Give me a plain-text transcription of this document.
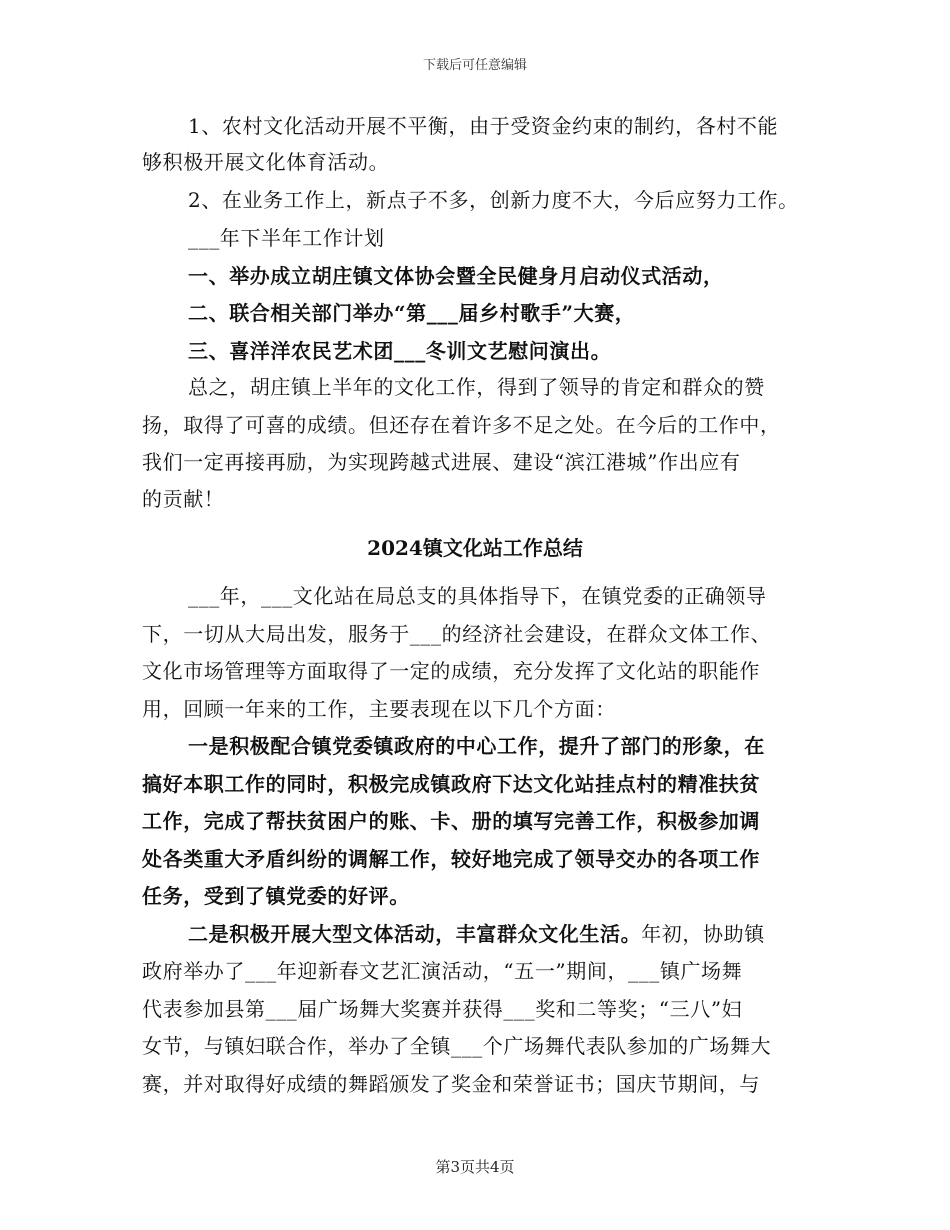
下载后可任意编辑
1、农村文化活动开展不平衡，由于受资金约束的制约，各村不能
够积极开展文化体育活动。
2、在业务工作上，新点子不多，创新力度不大，今后应努力工作。
___年下半年工作计划
一、举办成立胡庄镇文体协会暨全民健身月启动仪式活动，
二、联合相关部门举办“第___届乡村歌手”大赛，
三、喜洋洋农民艺术团___冬训文艺慰问演出。
总之，胡庄镇上半年的文化工作，得到了领导的肯定和群众的赞
扬，取得了可喜的成绩。但还存在着许多不足之处。在今后的工作中，
我们一定再接再励，为实现跨越式进展、建设“滨江港城”作出应有
的贡献！
2024镇文化站工作总结
___年，___文化站在局总支的具体指导下，在镇党委的正确领导
下，一切从大局出发，服务于___的经济社会建设，在群众文体工作、
文化市场管理等方面取得了一定的成绩，充分发挥了文化站的职能作
用，回顾一年来的工作，主要表现在以下几个方面：
一是积极配合镇党委镇政府的中心工作，提升了部门的形象，在
搞好本职工作的同时，积极完成镇政府下达文化站挂点村的精准扶贫
工作，完成了帮扶贫困户的账、卡、册的填写完善工作，积极参加调
处各类重大矛盾纠纷的调解工作，较好地完成了领导交办的各项工作
任务，受到了镇党委的好评。
二是积极开展大型文体活动，丰富群众文化生活。年初，协助镇
政府举办了___年迎新春文艺汇演活动，“五一”期间，___镇广场舞
代表参加县第___届广场舞大奖赛并获得___奖和二等奖；“三八”妇
女节，与镇妇联合作，举办了全镇___个广场舞代表队参加的广场舞大
赛，并对取得好成绩的舞蹈颁发了奖金和荣誉证书；国庆节期间，与
第3页共4页
